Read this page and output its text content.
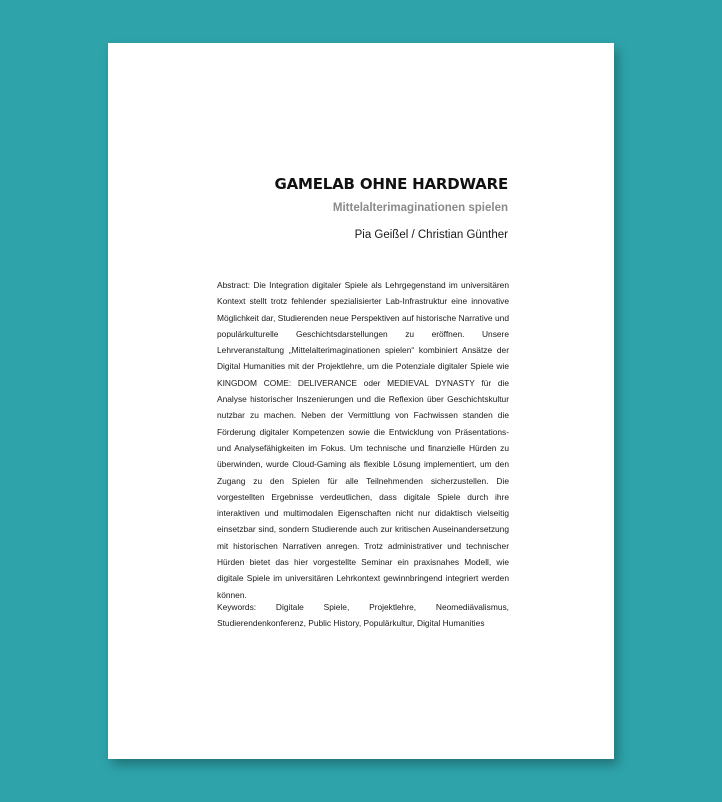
GAMELAB OHNE HARDWARE
Mittelalterimaginationen spielen

Pia Geißel / Christian Günther

Abstract: Die Integration digitaler Spiele als Lehrgegenstand im universitären Kontext stellt trotz fehlender spezialisierter Lab-Infrastruktur eine innovative Möglichkeit dar, Studierenden neue Perspektiven auf historische Narrative und populärkulturelle Geschichtsdarstellungen zu eröffnen. Unsere Lehrveranstaltung „Mittelalterimaginationen spielen“ kombiniert Ansätze der Digital Humanities mit der Projektlehre, um die Potenziale digitaler Spiele wie KINGDOM COME: DELIVERANCE oder MEDIEVAL DYNASTY für die Analyse historischer Inszenierungen und die Reflexion über Geschichtskultur nutzbar zu machen. Neben der Vermittlung von Fachwissen standen die Förderung digitaler Kompetenzen sowie die Entwicklung von Präsentations- und Analysefähigkeiten im Fokus. Um technische und finanzielle Hürden zu überwinden, wurde Cloud-Gaming als flexible Lösung implementiert, um den Zugang zu den Spielen für alle Teilnehmenden sicherzustellen. Die vorgestellten Ergebnisse verdeutlichen, dass digitale Spiele durch ihre interaktiven und multimodalen Eigenschaften nicht nur didaktisch vielseitig einsetzbar sind, sondern Studierende auch zur kritischen Auseinandersetzung mit historischen Narrativen anregen. Trotz administrativer und technischer Hürden bietet das hier vorgestellte Seminar ein praxisnahes Modell, wie digitale Spiele im universitären Lehrkontext gewinnbringend integriert werden können.

Keywords: Digitale Spiele, Projektlehre, Neomediävalismus, Studierendenkonferenz, Public History, Populärkultur, Digital Humanities
